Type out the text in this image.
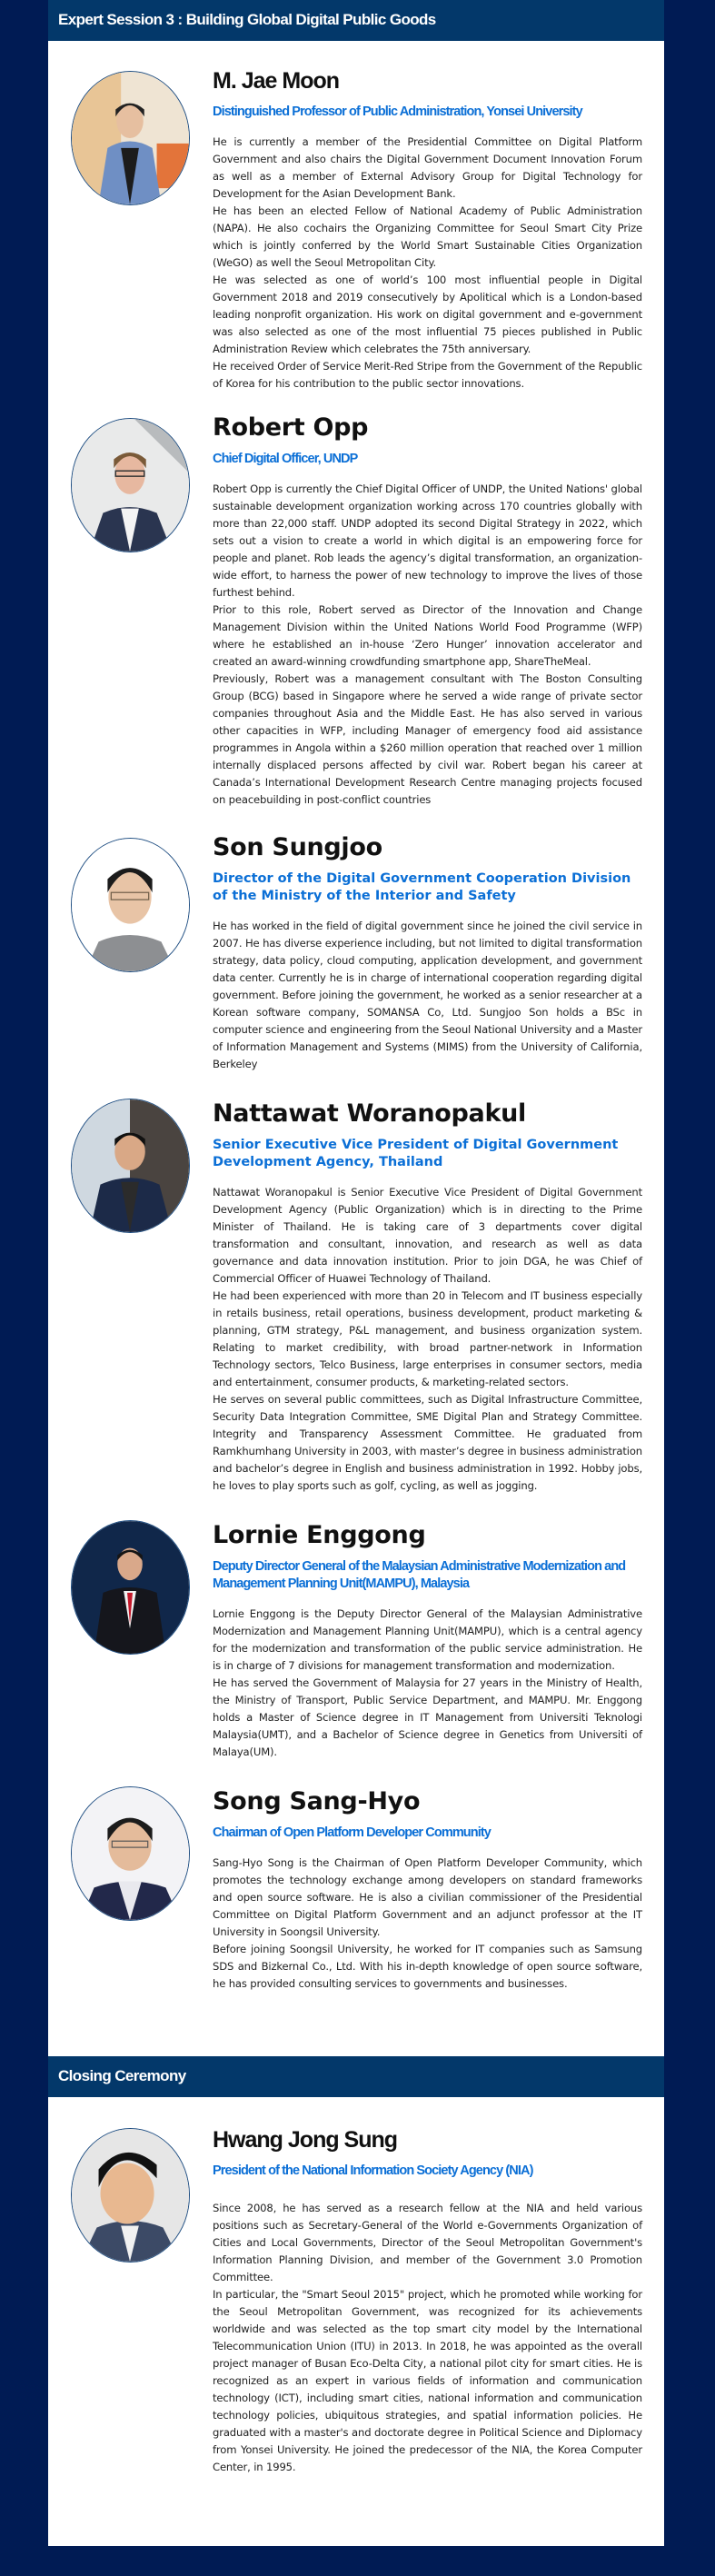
Expert Session 3 : Building Global Digital Public Goods
M. Jae Moon
Distinguished Professor of Public Administration, Yonsei University

He is currently a member of the Presidential Committee on Digital Platform Government and also chairs the Digital Government Document Innovation Forum as well as a member of External Advisory Group for Digital Technology for Development for the Asian Development Bank.

He has been an elected Fellow of National Academy of Public Administration (NAPA). He also cochairs the Organizing Committee for Seoul Smart City Prize which is jointly conferred by the World Smart Sustainable Cities Organization (WeGO) as well the Seoul Metropolitan City.

He was selected as one of world’s 100 most influential people in Digital Government 2018 and 2019 consecutively by Apolitical which is a London-based leading nonprofit organization. His work on digital government and e-government was also selected as one of the most influential 75 pieces published in Public Administration Review which celebrates the 75th anniversary.

He received Order of Service Merit-Red Stripe from the Government of the Republic of Korea for his contribution to the public sector innovations.

Robert Opp
Chief Digital Officer, UNDP

Robert Opp is currently the Chief Digital Officer of UNDP, the United Nations' global sustainable development organization working across 170 countries globally with more than 22,000 staff. UNDP adopted its second Digital Strategy in 2022, which sets out a vision to create a world in which digital is an empowering force for people and planet. Rob leads the agency’s digital transformation, an organization-wide effort, to harness the power of new technology to improve the lives of those furthest behind.

Prior to this role, Robert served as Director of the Innovation and Change Management Division within the United Nations World Food Programme (WFP) where he established an in-house ‘Zero Hunger’ innovation accelerator and created an award-winning crowdfunding smartphone app, ShareTheMeal.

Previously, Robert was a management consultant with The Boston Consulting Group (BCG) based in Singapore where he served a wide range of private sector companies throughout Asia and the Middle East. He has also served in various other capacities in WFP, including Manager of emergency food aid assistance programmes in Angola within a $260 million operation that reached over 1 million internally displaced persons affected by civil war. Robert began his career at Canada’s International Development Research Centre managing projects focused on peacebuilding in post-conflict countries

Son Sungjoo
Director of the Digital Government Cooperation Division of the Ministry of the Interior and Safety

He has worked in the field of digital government since he joined the civil service in 2007. He has diverse experience including, but not limited to digital transformation strategy, data policy, cloud computing, application development, and government data center. Currently he is in charge of international cooperation regarding digital government. Before joining the government, he worked as a senior researcher at a Korean software company, SOMANSA Co, Ltd. Sungjoo Son holds a BSc in computer science and engineering from the Seoul National University and a Master of Information Management and Systems (MIMS) from the University of California, Berkeley

Nattawat Woranopakul
Senior Executive Vice President of Digital Government Development Agency, Thailand

Nattawat Woranopakul is Senior Executive Vice President of Digital Government Development Agency (Public Organization) which is in directing to the Prime Minister of Thailand. He is taking care of 3 departments cover digital transformation and consultant, innovation, and research as well as data governance and data innovation institution. Prior to join DGA, he was Chief of Commercial Officer of Huawei Technology of Thailand.

He had been experienced with more than 20 in Telecom and IT business especially in retails business, retail operations, business development, product marketing & planning, GTM strategy, P&L management, and business organization system. Relating to market credibility, with broad partner-network in Information Technology sectors, Telco Business, large enterprises in consumer sectors, media and entertainment, consumer products, & marketing-related sectors.

He serves on several public committees, such as Digital Infrastructure Committee, Security Data Integration Committee, SME Digital Plan and Strategy Committee. Integrity and Transparency Assessment Committee. He graduated from Ramkhumhang University in 2003, with master’s degree in business administration and bachelor’s degree in English and business administration in 1992. Hobby jobs, he loves to play sports such as golf, cycling, as well as jogging.

Lornie Enggong
Deputy Director General of the Malaysian Administrative Modernization and Management Planning Unit(MAMPU), Malaysia

Lornie Enggong is the Deputy Director General of the Malaysian Administrative Modernization and Management Planning Unit(MAMPU), which is a central agency for the modernization and transformation of the public service administration. He is in charge of 7 divisions for management transformation and modernization.

He has served the Government of Malaysia for 27 years in the Ministry of Health, the Ministry of Transport, Public Service Department, and MAMPU. Mr. Enggong holds a Master of Science degree in IT Management from Universiti Teknologi Malaysia(UMT), and a Bachelor of Science degree in Genetics from Universiti of Malaya(UM).

Song Sang-Hyo
Chairman of Open Platform Developer Community

Sang-Hyo Song is the Chairman of Open Platform Developer Community, which promotes the technology exchange among developers on standard frameworks and open source software. He is also a civilian commissioner of the Presidential Committee on Digital Platform Government and an adjunct professor at the IT University in Soongsil University.

Before joining Soongsil University, he worked for IT companies such as Samsung SDS and Bizkernal Co., Ltd. With his in-depth knowledge of open source software, he has provided consulting services to governments and businesses.

Closing Ceremony
Hwang Jong Sung
President of the National Information Society Agency (NIA)

Since 2008, he has served as a research fellow at the NIA and held various positions such as Secretary-General of the World e-Governments Organization of Cities and Local Governments, Director of the Seoul Metropolitan Government's Information Planning Division, and member of the Government 3.0 Promotion Committee.

In particular, the "Smart Seoul 2015" project, which he promoted while working for the Seoul Metropolitan Government, was recognized for its achievements worldwide and was selected as the top smart city model by the International Telecommunication Union (ITU) in 2013. In 2018, he was appointed as the overall project manager of Busan Eco-Delta City, a national pilot city for smart cities. He is recognized as an expert in various fields of information and communication technology (ICT), including smart cities, national information and communication technology policies, ubiquitous strategies, and spatial information policies. He graduated with a master's and doctorate degree in Political Science and Diplomacy from Yonsei University. He joined the predecessor of the NIA, the Korea Computer Center, in 1995.
